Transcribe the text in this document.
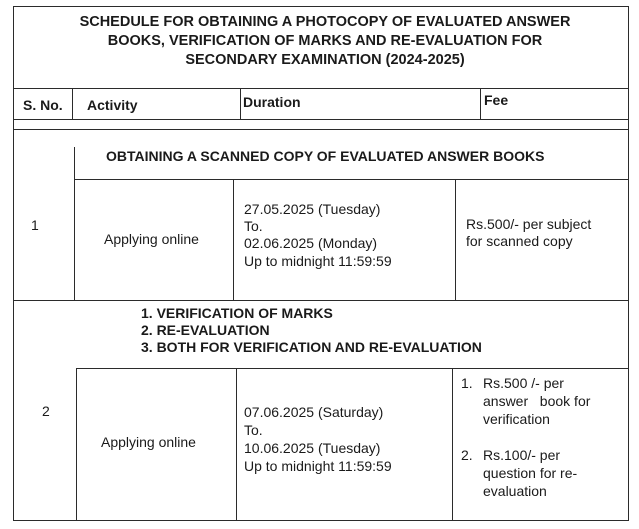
SCHEDULE FOR OBTAINING A PHOTOCOPY OF EVALUATED ANSWER
BOOKS, VERIFICATION OF MARKS AND RE-EVALUATION FOR
SECONDARY EXAMINATION (2024-2025)
S. No. Activity	Duration	Fee
OBTAINING A SCANNED COPY OF EVALUATED ANSWER BOOKS
1
Applying online
27.05.2025 (Tuesday)
To.
02.06.2025 (Monday)
Up to midnight 11:59:59
Rs.500/- per subject
for scanned copy
1. VERIFICATION OF MARKS
2. RE-EVALUATION
3. BOTH FOR VERIFICATION AND RE-EVALUATION
2
Applying online
07.06.2025 (Saturday)
To.
10.06.2025 (Tuesday)
Up to midnight 11:59:59
1. Rs.500 /- per
answer   book for
verification
2. Rs.100/- per
question for re-
evaluation
